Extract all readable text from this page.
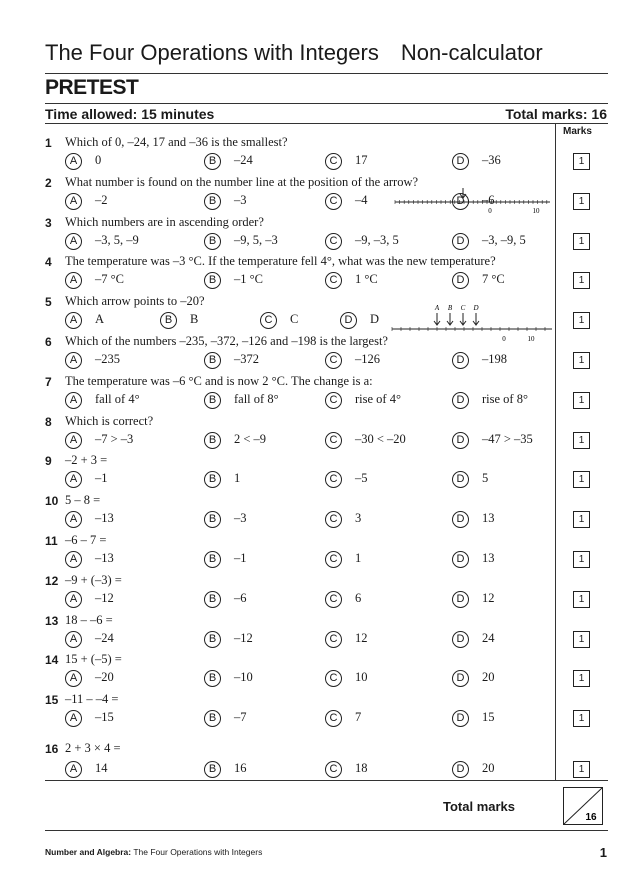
The Four Operations with Integers Non-calculator
PRETEST
Time allowed: 15 minutes	Total marks: 16
Marks
1 Which of 0, –24, 17 and –36 is the smallest?
A	0	B	–24	C	17	D	–36	1
2 What number is found on the number line at the position of the arrow?
A	–2	B	–3	C	–4	D	–6	1
3 Which numbers are in ascending order?
A	–3, 5, –9	B	–9, 5, –3	C	–9, –3, 5	D	–3, –9, 5	1
4 The temperature was –3 °C. If the temperature fell 4°, what was the new temperature?
A	–7 °C	B	–1 °C	C	1 °C	D	7 °C	1
5 Which arrow points to –20?
A	A	B	B	C	C	D	D	1
6 Which of the numbers –235, –372, –126 and –198 is the largest?
A	–235	B	–372	C	–126	D	–198	1
7 The temperature was –6 °C and is now 2 °C. The change is a:
A	fall of 4°	B	fall of 8°	C	rise of 4°	D	rise of 8°	1
8 Which is correct?
A	–7 > –3	B	2 < –9	C	–30 < –20	D	–47 > –35	1
9 –2 + 3 =
A	–1	B	1	C	–5	D	5	1
10 5 – 8 =
A	–13	B	–3	C	3	D	13	1
11 –6 – 7 =
A	–13	B	–1	C	1	D	13	1
12 –9 + (–3) =
A	–12	B	–6	C	6	D	12	1
13 18 – –6 =
A	–24	B	–12	C	12	D	24	1
14 15 + (–5) =
A	–20	B	–10	C	10	D	20	1
15 –11 – –4 =
A	–15	B	–7	C	7	D	15	1
16 2 + 3 × 4 =
A	14	B	16	C	18	D	20	1
0	10
A B C D
0	10
Total marks
16
Number and Algebra: The Four Operations with Integers	1
